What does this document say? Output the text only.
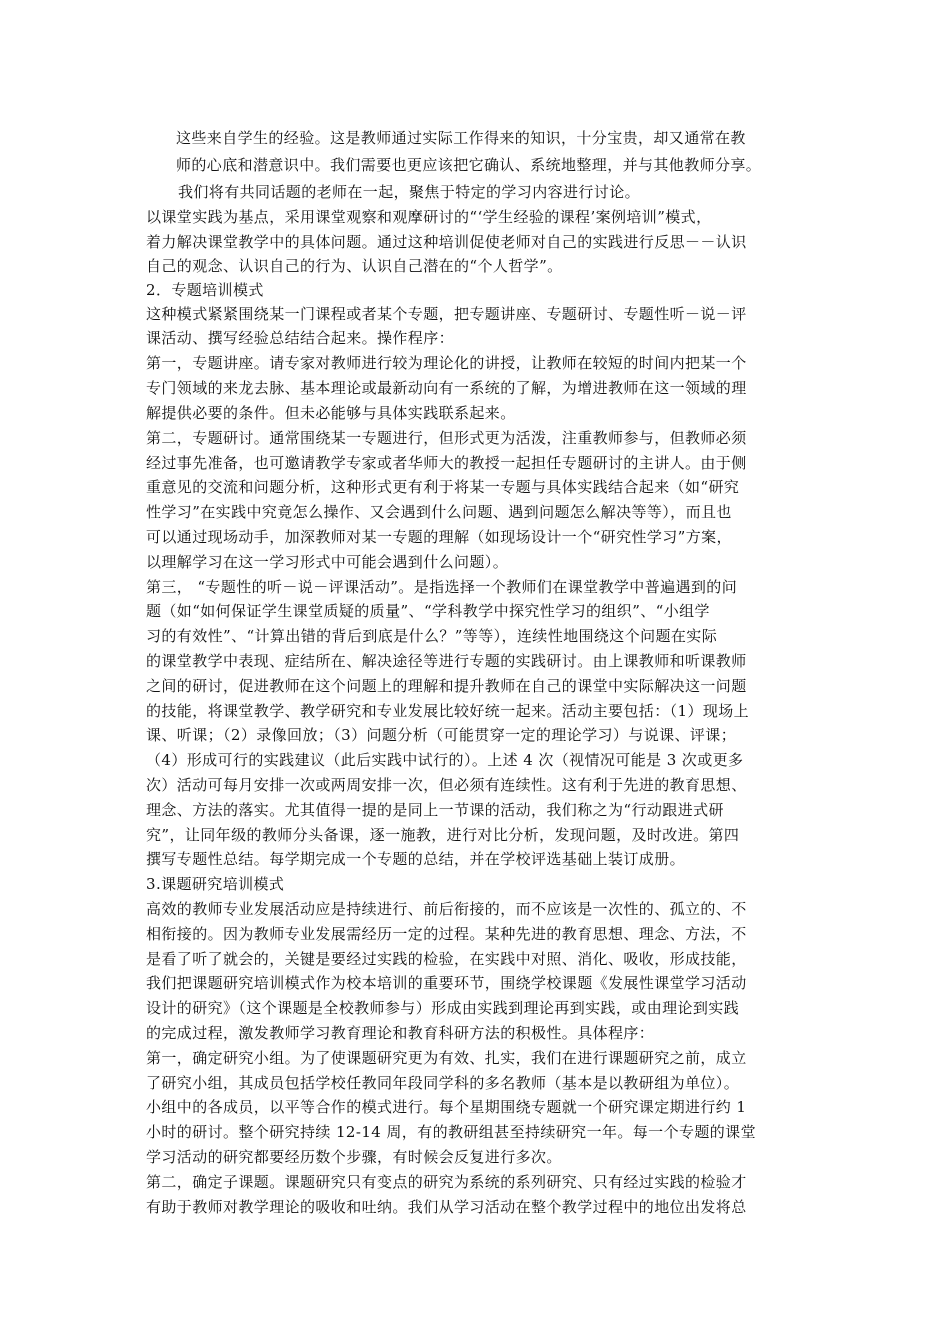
这些来自学生的经验。这是教师通过实际工作得来的知识，十分宝贵，却又通常在教
师的心底和潜意识中。我们需要也更应该把它确认、系统地整理，并与其他教师分享。
我们将有共同话题的老师在一起，聚焦于特定的学习内容进行讨论。
以课堂实践为基点，采用课堂观察和观摩研讨的“‘学生经验的课程’案例培训”模式，
着力解决课堂教学中的具体问题。通过这种培训促使老师对自己的实践进行反思－－认识
自己的观念、认识自己的行为、认识自己潜在的“个人哲学”。
2．专题培训模式
这种模式紧紧围绕某一门课程或者某个专题，把专题讲座、专题研讨、专题性听－说－评
课活动、撰写经验总结结合起来。操作程序：
第一，专题讲座。请专家对教师进行较为理论化的讲授，让教师在较短的时间内把某一个
专门领域的来龙去脉、基本理论或最新动向有一系统的了解，为增进教师在这一领域的理
解提供必要的条件。但未必能够与具体实践联系起来。
第二，专题研讨。通常围绕某一专题进行，但形式更为活泼，注重教师参与，但教师必须
经过事先准备，也可邀请教学专家或者华师大的教授一起担任专题研讨的主讲人。由于侧
重意见的交流和问题分析，这种形式更有利于将某一专题与具体实践结合起来（如“研究
性学习”在实践中究竟怎么操作、又会遇到什么问题、遇到问题怎么解决等等），而且也
可以通过现场动手，加深教师对某一专题的理解（如现场设计一个“研究性学习”方案，
以理解学习在这一学习形式中可能会遇到什么问题）。
第三， “专题性的听－说－评课活动”。是指选择一个教师们在课堂教学中普遍遇到的问
题（如“如何保证学生课堂质疑的质量”、“学科教学中探究性学习的组织”、“小组学
习的有效性”、“计算出错的背后到底是什么？”等等），连续性地围绕这个问题在实际
的课堂教学中表现、症结所在、解决途径等进行专题的实践研讨。由上课教师和听课教师
之间的研讨，促进教师在这个问题上的理解和提升教师在自己的课堂中实际解决这一问题
的技能，将课堂教学、教学研究和专业发展比较好统一起来。活动主要包括：（1）现场上
课、听课；（2）录像回放；（3）问题分析（可能贯穿一定的理论学习）与说课、评课；
（4）形成可行的实践建议（此后实践中试行的）。上述 4 次（视情况可能是 3 次或更多
次）活动可每月安排一次或两周安排一次，但必须有连续性。这有利于先进的教育思想、
理念、方法的落实。尤其值得一提的是同上一节课的活动，我们称之为“行动跟进式研
究”，让同年级的教师分头备课，逐一施教，进行对比分析，发现问题，及时改进。第四
撰写专题性总结。每学期完成一个专题的总结，并在学校评选基础上装订成册。
3.课题研究培训模式
高效的教师专业发展活动应是持续进行、前后衔接的，而不应该是一次性的、孤立的、不
相衔接的。因为教师专业发展需经历一定的过程。某种先进的教育思想、理念、方法，不
是看了听了就会的，关键是要经过实践的检验，在实践中对照、消化、吸收，形成技能，
我们把课题研究培训模式作为校本培训的重要环节，围绕学校课题《发展性课堂学习活动
设计的研究》（这个课题是全校教师参与）形成由实践到理论再到实践，或由理论到实践
的完成过程，激发教师学习教育理论和教育科研方法的积极性。具体程序：
第一，确定研究小组。为了使课题研究更为有效、扎实，我们在进行课题研究之前，成立
了研究小组，其成员包括学校任教同年段同学科的多名教师（基本是以教研组为单位）。
小组中的各成员，以平等合作的模式进行。每个星期围绕专题就一个研究课定期进行约 1
小时的研讨。整个研究持续 12-14 周，有的教研组甚至持续研究一年。每一个专题的课堂
学习活动的研究都要经历数个步骤，有时候会反复进行多次。
第二，确定子课题。课题研究只有变点的研究为系统的系列研究、只有经过实践的检验才
有助于教师对教学理论的吸收和吐纳。我们从学习活动在整个教学过程中的地位出发将总
